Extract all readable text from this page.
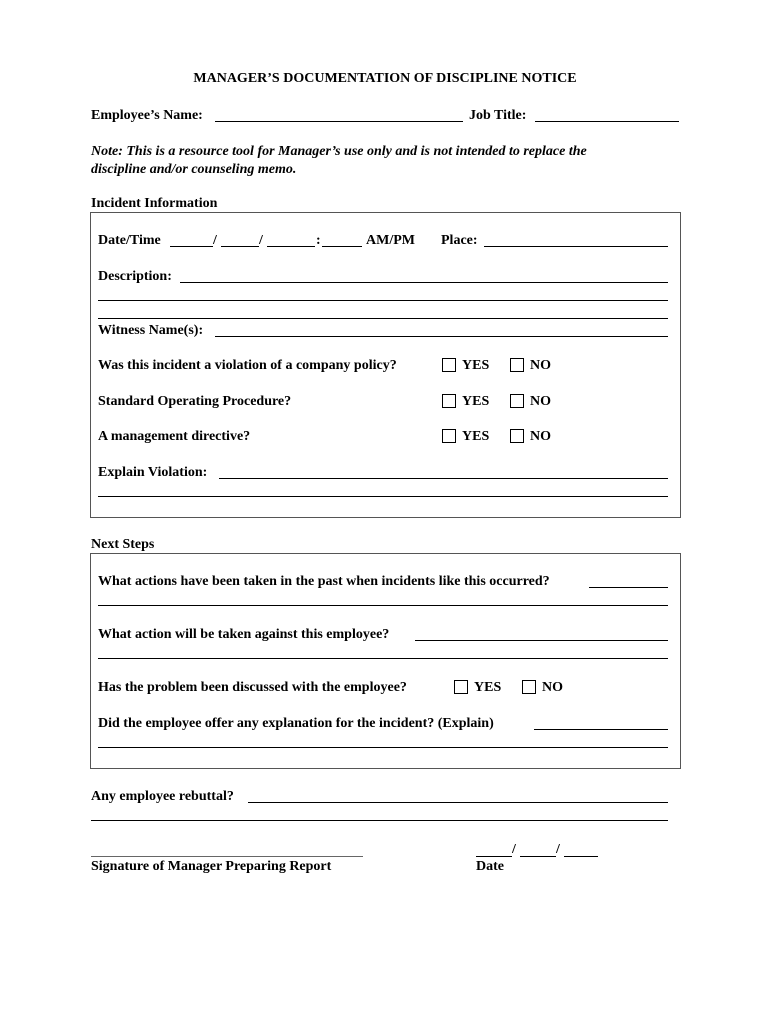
MANAGER’S DOCUMENTATION OF DISCIPLINE NOTICE
Employee’s Name:	Job Title:
Note: This is a resource tool for Manager’s use only and is not intended to replace the
discipline and/or counseling memo.
Incident Information
Date/Time	/	/	:	AM/PM Place:
Description:
Witness Name(s):
Was this incident a violation of a company policy?	YES	NO
Standard Operating Procedure?	YES	NO
A management directive?	YES	NO
Explain Violation:
Next Steps
What actions have been taken in the past when incidents like this occurred?
What action will be taken against this employee?
Has the problem been discussed with the employee?	YES	NO
Did the employee offer any explanation for the incident? (Explain)
Any employee rebuttal?
Signature of Manager Preparing Report
/	/
Date
